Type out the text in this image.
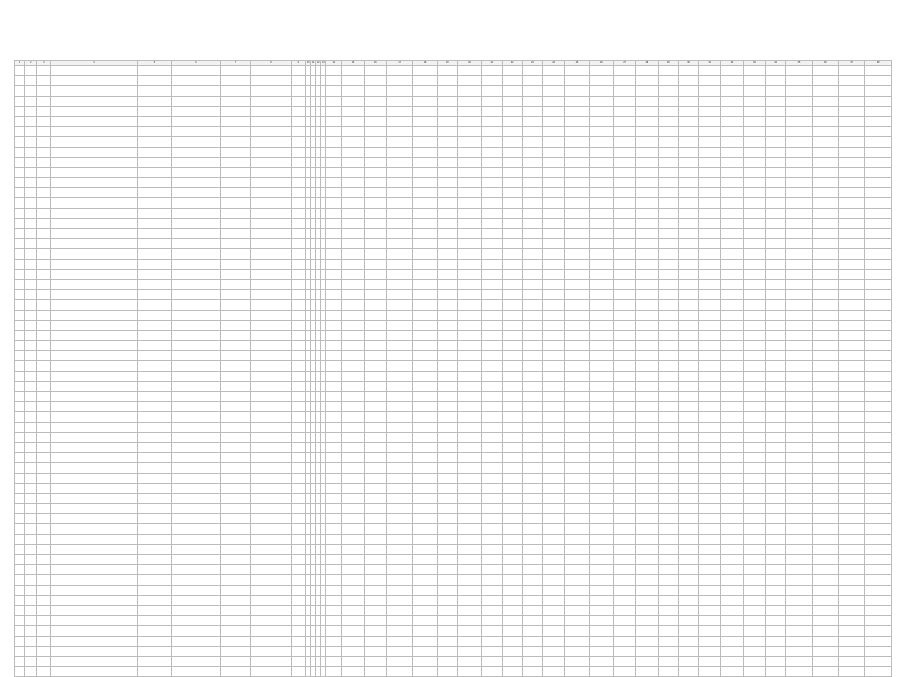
1	2	3	4	5	6	7	8	9	10	11	12	13	14	15	16	17	18	19	20	21	22	23	24	25	26	27	28	29	30	31	32	33	34	35	36	37	38
